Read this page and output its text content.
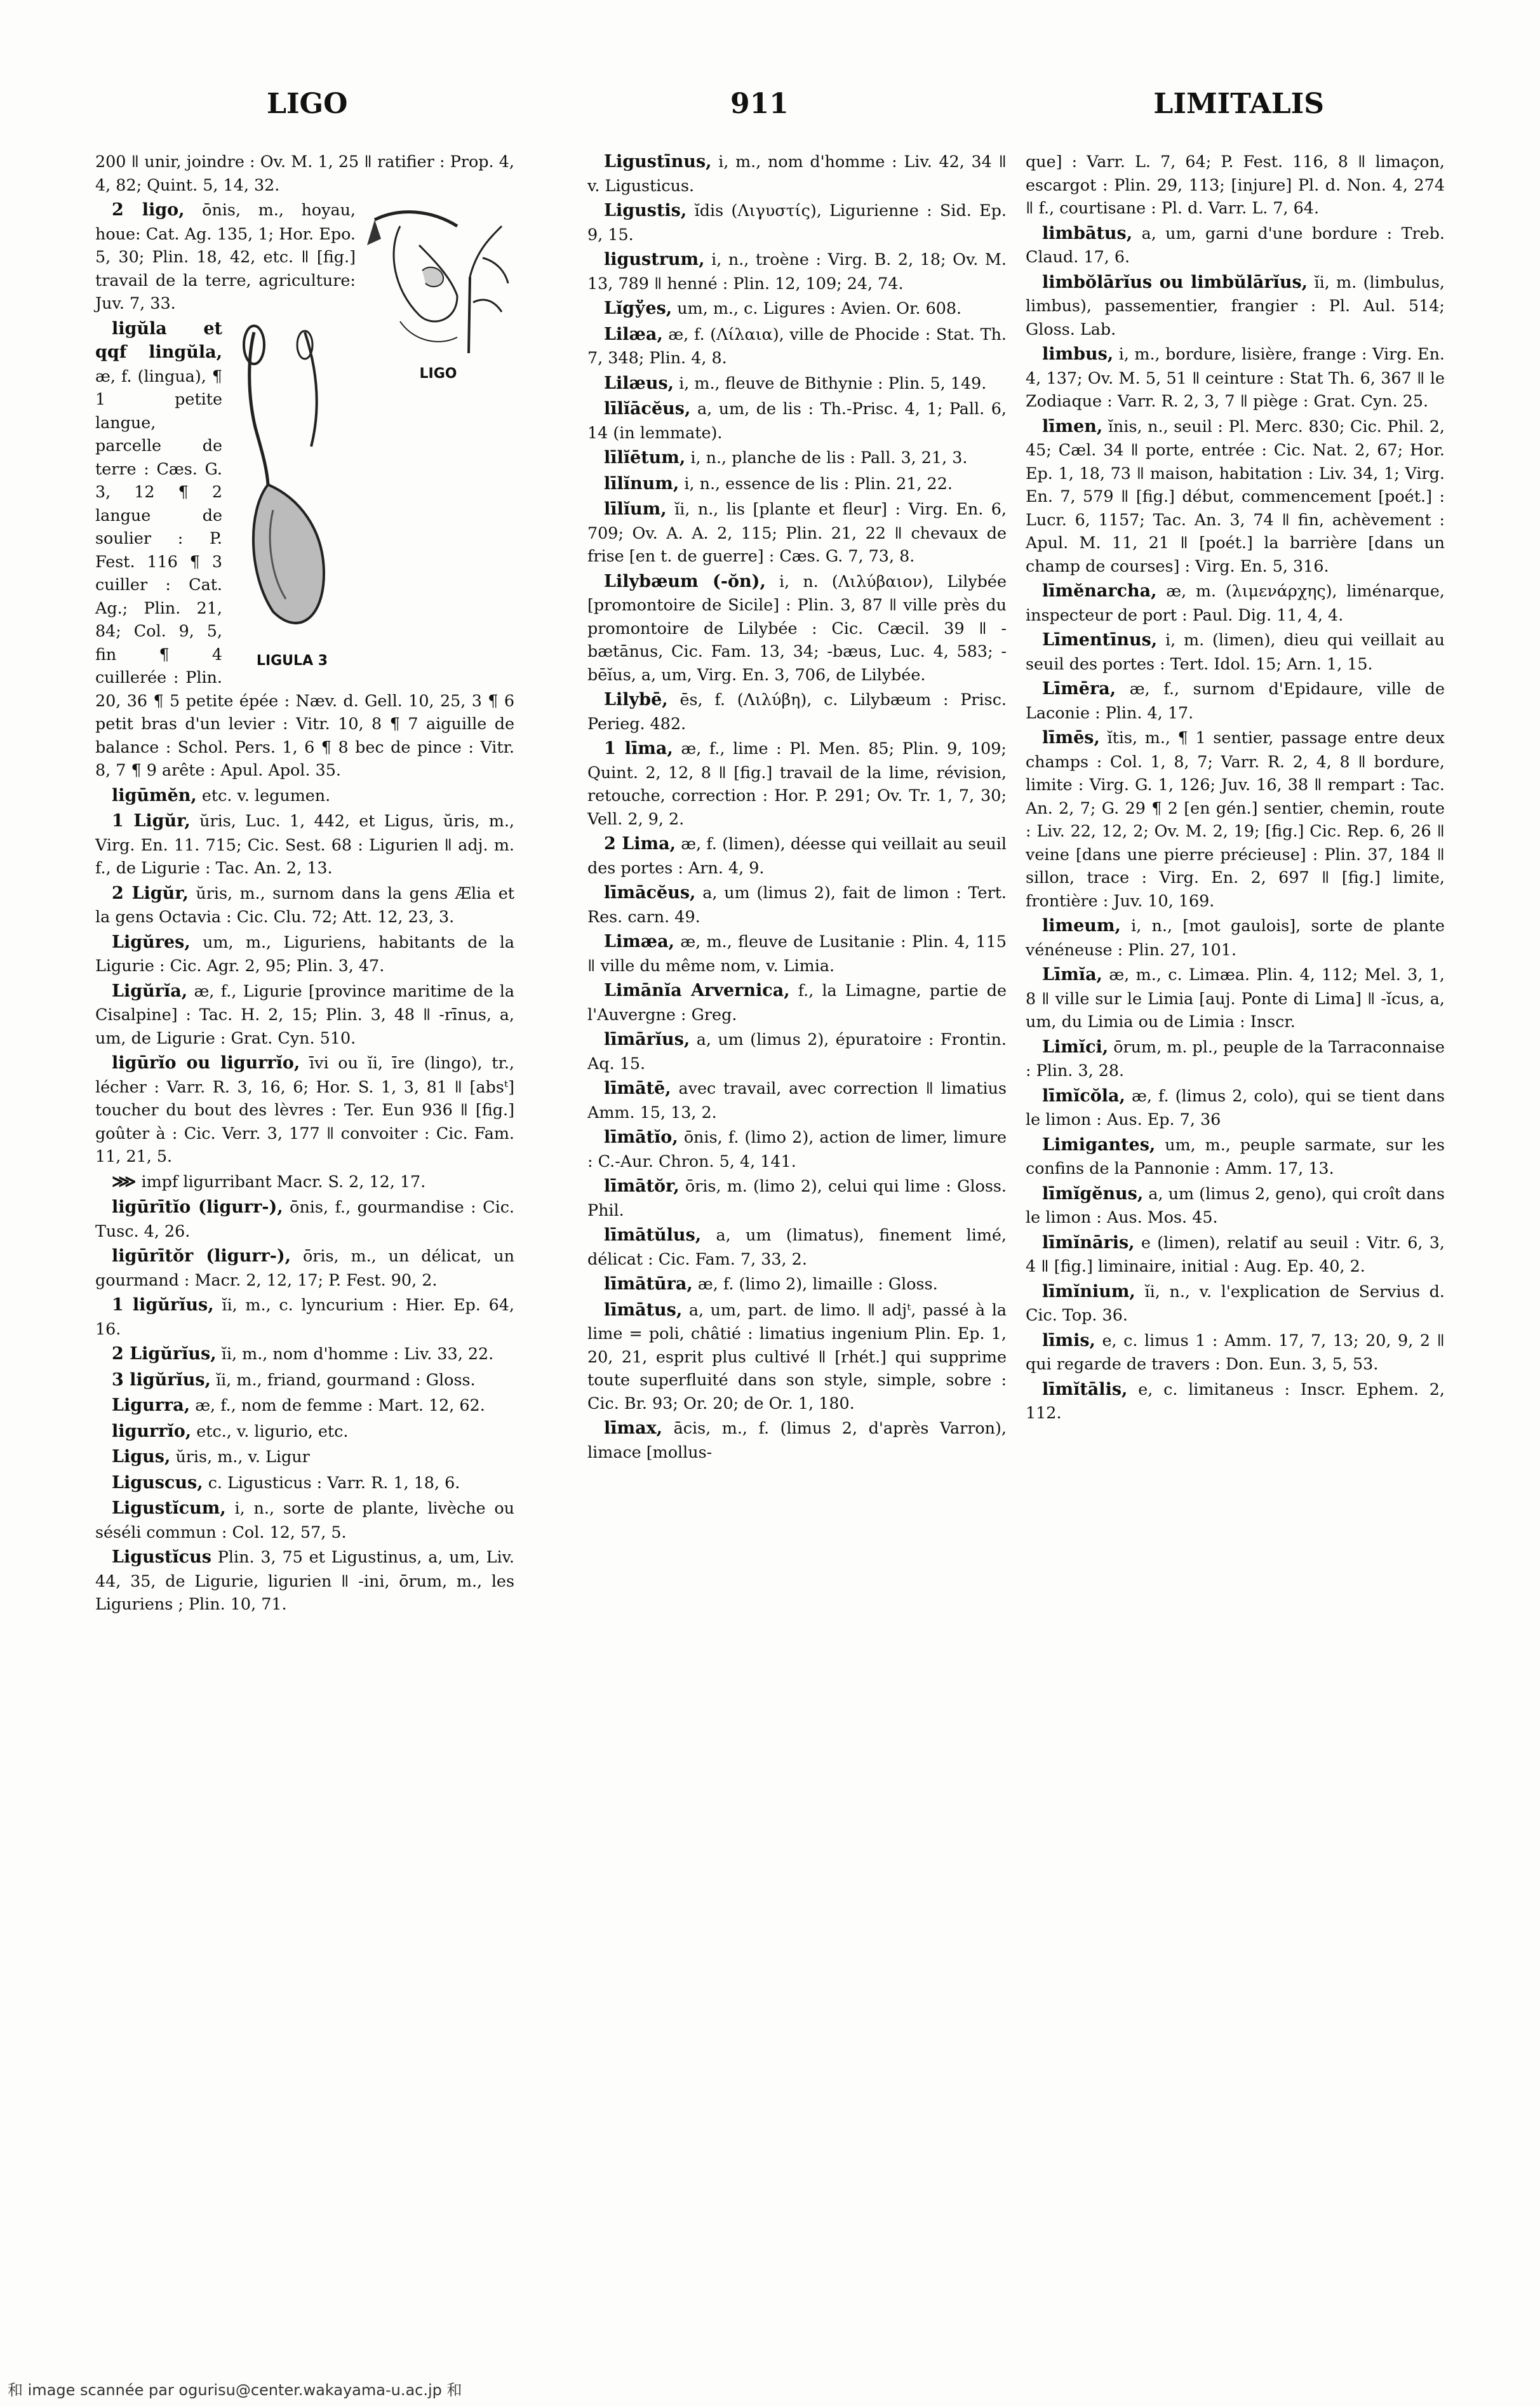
LIGO	911	LIMITALIS

200 ǁ unir, joindre : Ov. M. 1, 25 ǁ ratifier : Prop. 4, 4, 82; Quint. 5, 14, 32.

LIGO
2 ligo, ōnis, m., hoyau, houe: Cat. Ag. 135, 1; Hor. Epo. 5, 30; Plin. 18, 42, etc. ǁ [fig.] travail de la terre, agriculture: Juv. 7, 33.

LIGULA 3
ligŭla et qqf lingŭla, æ, f. (lingua), ¶ 1 petite langue, parcelle de terre : Cæs. G. 3, 12 ¶ 2 langue de soulier : P. Fest. 116 ¶ 3 cuiller : Cat. Ag.; Plin. 21, 84; Col. 9, 5, fin ¶ 4 cuillerée : Plin. 20, 36 ¶ 5 petite épée : Næv. d. Gell. 10, 25, 3 ¶ 6 petit bras d'un levier : Vitr. 10, 8 ¶ 7 aiguille de balance : Schol. Pers. 1, 6 ¶ 8 bec de pince : Vitr. 8, 7 ¶ 9 arête : Apul. Apol. 35.

ligūmĕn, etc. v. legumen.

1 Ligŭr, ŭris, Luc. 1, 442, et Ligus, ŭris, m., Virg. En. 11. 715; Cic. Sest. 68 : Ligurien ǁ adj. m. f., de Ligurie : Tac. An. 2, 13.

2 Ligŭr, ŭris, m., surnom dans la gens Ælia et la gens Octavia : Cic. Clu. 72; Att. 12, 23, 3.

Ligŭres, um, m., Liguriens, habitants de la Ligurie : Cic. Agr. 2, 95; Plin. 3, 47.

Ligŭrĭa, æ, f., Ligurie [province maritime de la Cisalpine] : Tac. H. 2, 15; Plin. 3, 48 ǁ -rīnus, a, um, de Ligurie : Grat. Cyn. 510.

ligūrĭo ou ligurrĭo, īvi ou ĭi, īre (lingo), tr., lécher : Varr. R. 3, 16, 6; Hor. S. 1, 3, 81 ǁ [absᵗ] toucher du bout des lèvres : Ter. Eun 936 ǁ [fig.] goûter à : Cic. Verr. 3, 177 ǁ convoiter : Cic. Fam. 11, 21, 5.

⋙ impf ligurribant Macr. S. 2, 12, 17.

ligūrītĭo (ligurr-), ōnis, f., gourmandise : Cic. Tusc. 4, 26.

ligūrītŏr (ligurr-), ōris, m., un délicat, un gourmand : Macr. 2, 12, 17; P. Fest. 90, 2.

1 ligŭrĭus, ĭi, m., c. lyncurium : Hier. Ep. 64, 16.

2 Ligŭrĭus, ĭi, m., nom d'homme : Liv. 33, 22.

3 ligŭrĭus, ĭi, m., friand, gourmand : Gloss.

Ligurra, æ, f., nom de femme : Mart. 12, 62.

ligurrĭo, etc., v. ligurio, etc.

Ligus, ŭris, m., v. Ligur

Liguscus, c. Ligusticus : Varr. R. 1, 18, 6.

Ligustĭcum, i, n., sorte de plante, livèche ou séséli commun : Col. 12, 57, 5.

Ligustĭcus Plin. 3, 75 et Ligustinus, a, um, Liv. 44, 35, de Ligurie, ligurien ǁ -ini, ōrum, m., les Liguriens ; Plin. 10, 71.

Ligustīnus, i, m., nom d'homme : Liv. 42, 34 ǁ v. Ligusticus.

Ligustis, ĭdis (Λιγυστίς), Ligurienne : Sid. Ep. 9, 15.

ligustrum, i, n., troène : Virg. B. 2, 18; Ov. M. 13, 789 ǁ henné : Plin. 12, 109; 24, 74.

Lĭgўes, um, m., c. Ligures : Avien. Or. 608.

Lilæa, æ, f. (Λίλαια), ville de Phocide : Stat. Th. 7, 348; Plin. 4, 8.

Lilæus, i, m., fleuve de Bithynie : Plin. 5, 149.

līlĭācĕus, a, um, de lis : Th.-Prisc. 4, 1; Pall. 6, 14 (in lemmate).

līlĭētum, i, n., planche de lis : Pall. 3, 21, 3.

līlĭnum, i, n., essence de lis : Plin. 21, 22.

līlĭum, ĭi, n., lis [plante et fleur] : Virg. En. 6, 709; Ov. A. A. 2, 115; Plin. 21, 22 ǁ chevaux de frise [en t. de guerre] : Cæs. G. 7, 73, 8.

Lilybæum (-ŏn), i, n. (Λιλύβαιον), Lilybée [promontoire de Sicile] : Plin. 3, 87 ǁ ville près du promontoire de Lilybée : Cic. Cæcil. 39 ǁ -bætānus, Cic. Fam. 13, 34; -bæus, Luc. 4, 583; -bēĭus, a, um, Virg. En. 3, 706, de Lilybée.

Lilybē, ēs, f. (Λιλύβη), c. Lilybæum : Prisc. Perieg. 482.

1 līma, æ, f., lime : Pl. Men. 85; Plin. 9, 109; Quint. 2, 12, 8 ǁ [fig.] travail de la lime, révision, retouche, correction : Hor. P. 291; Ov. Tr. 1, 7, 30; Vell. 2, 9, 2.

2 Lima, æ, f. (limen), déesse qui veillait au seuil des portes : Arn. 4, 9.

līmācĕus, a, um (limus 2), fait de limon : Tert. Res. carn. 49.

Limæa, æ, m., fleuve de Lusitanie : Plin. 4, 115 ǁ ville du même nom, v. Limia.

Limānĭa Arvernica, f., la Limagne, partie de l'Auvergne : Greg.

līmārĭus, a, um (limus 2), épuratoire : Frontin. Aq. 15.

līmātē, avec travail, avec correction ǁ limatius Amm. 15, 13, 2.

līmātĭo, ōnis, f. (limo 2), action de limer, limure : C.-Aur. Chron. 5, 4, 141.

līmātŏr, ōris, m. (limo 2), celui qui lime : Gloss. Phil.

līmātŭlus, a, um (limatus), finement limé, délicat : Cic. Fam. 7, 33, 2.

līmātūra, æ, f. (limo 2), limaille : Gloss.

līmātus, a, um, part. de limo. ǁ adjᵗ, passé à la lime = poli, châtié : limatius ingenium Plin. Ep. 1, 20, 21, esprit plus cultivé ǁ [rhét.] qui supprime toute superfluité dans son style, simple, sobre : Cic. Br. 93; Or. 20; de Or. 1, 180.

līmax, ācis, m., f. (limus 2, d'après Varron), limace [mollus-

que] : Varr. L. 7, 64; P. Fest. 116, 8 ǁ limaçon, escargot : Plin. 29, 113; [injure] Pl. d. Non. 4, 274 ǁ f., courtisane : Pl. d. Varr. L. 7, 64.

limbātus, a, um, garni d'une bordure : Treb. Claud. 17, 6.

limbŏlārĭus ou limbŭlārĭus, ĭi, m. (limbulus, limbus), passementier, frangier : Pl. Aul. 514; Gloss. Lab.

limbus, i, m., bordure, lisière, frange : Virg. En. 4, 137; Ov. M. 5, 51 ǁ ceinture : Stat Th. 6, 367 ǁ le Zodiaque : Varr. R. 2, 3, 7 ǁ piège : Grat. Cyn. 25.

līmen, ĭnis, n., seuil : Pl. Merc. 830; Cic. Phil. 2, 45; Cæl. 34 ǁ porte, entrée : Cic. Nat. 2, 67; Hor. Ep. 1, 18, 73 ǁ maison, habitation : Liv. 34, 1; Virg. En. 7, 579 ǁ [fig.] début, commencement [poét.] : Lucr. 6, 1157; Tac. An. 3, 74 ǁ fin, achèvement : Apul. M. 11, 21 ǁ [poét.] la barrière [dans un champ de courses] : Virg. En. 5, 316.

līmĕnarcha, æ, m. (λιμενάρχης), liménarque, inspecteur de port : Paul. Dig. 11, 4, 4.

Līmentīnus, i, m. (limen), dieu qui veillait au seuil des portes : Tert. Idol. 15; Arn. 1, 15.

Līmēra, æ, f., surnom d'Epidaure, ville de Laconie : Plin. 4, 17.

līmēs, ĭtis, m., ¶ 1 sentier, passage entre deux champs : Col. 1, 8, 7; Varr. R. 2, 4, 8 ǁ bordure, limite : Virg. G. 1, 126; Juv. 16, 38 ǁ rempart : Tac. An. 2, 7; G. 29 ¶ 2 [en gén.] sentier, chemin, route : Liv. 22, 12, 2; Ov. M. 2, 19; [fig.] Cic. Rep. 6, 26 ǁ veine [dans une pierre précieuse] : Plin. 37, 184 ǁ sillon, trace : Virg. En. 2, 697 ǁ [fig.] limite, frontière : Juv. 10, 169.

limeum, i, n., [mot gaulois], sorte de plante vénéneuse : Plin. 27, 101.

Līmĭa, æ, m., c. Limæa. Plin. 4, 112; Mel. 3, 1, 8 ǁ ville sur le Limia [auj. Ponte di Lima] ǁ -ĭcus, a, um, du Limia ou de Limia : Inscr.

Limĭci, ōrum, m. pl., peuple de la Tarraconnaise : Plin. 3, 28.

līmĭcŏla, æ, f. (limus 2, colo), qui se tient dans le limon : Aus. Ep. 7, 36

Limigantes, um, m., peuple sarmate, sur les confins de la Pannonie : Amm. 17, 13.

līmĭgĕnus, a, um (limus 2, geno), qui croît dans le limon : Aus. Mos. 45.

līmĭnāris, e (limen), relatif au seuil : Vitr. 6, 3, 4 ǁ [fig.] liminaire, initial : Aug. Ep. 40, 2.

līmĭnium, ĭi, n., v. l'explication de Servius d. Cic. Top. 36.

līmis, e, c. limus 1 : Amm. 17, 7, 13; 20, 9, 2 ǁ qui regarde de travers : Don. Eun. 3, 5, 53.

līmĭtālis, e, c. limitaneus : Inscr. Ephem. 2, 112.

和 image scannée par ogurisu@center.wakayama-u.ac.jp 和
